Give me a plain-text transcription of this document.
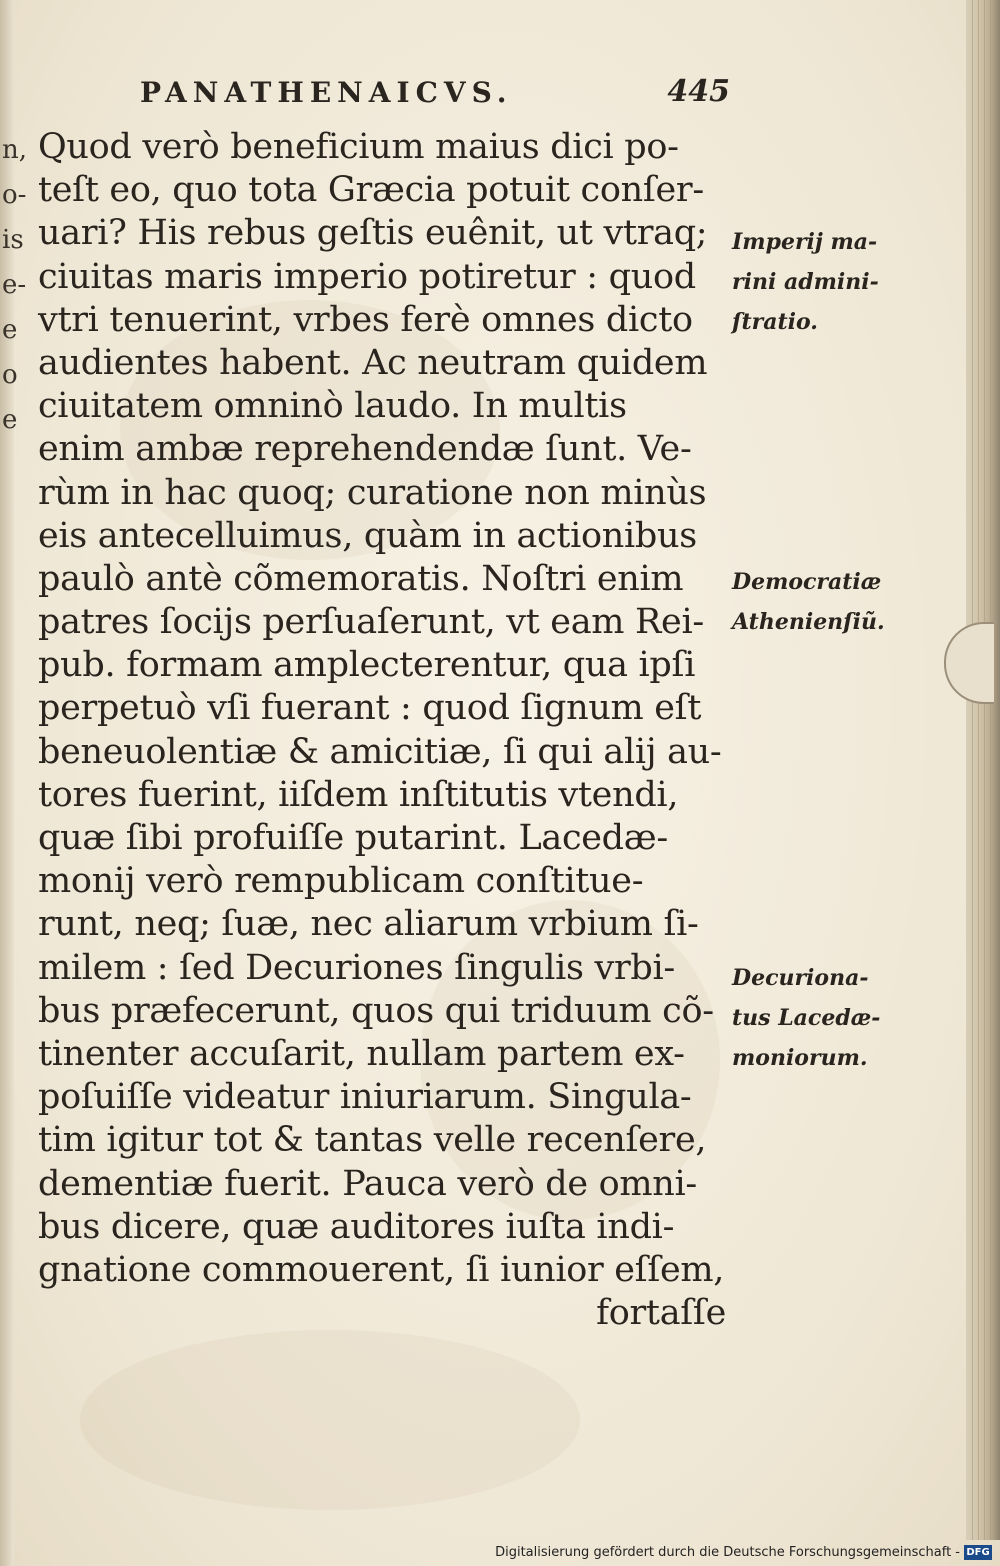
n,
o-
is
e-
e
o
e
PANATHENAICVS.	445
Quod verò beneficium maius dici po-
teſt eo, quo tota Græcia potuit conſer-
uari? His rebus geſtis euênit, ut vtraq;
ciuitas maris imperio potiretur : quod
vtri tenuerint, vrbes ferè omnes dicto
audientes habent. Ac neutram quidem
ciuitatem omninò laudo. In multis
enim ambæ reprehendendæ ſunt. Ve-
rùm in hac quoq; curatione non minùs
eis antecelluimus, quàm in actionibus
paulò antè cõmemoratis. Noſtri enim
patres ſocijs perſuaſerunt, vt eam Rei-
pub. formam amplecterentur, qua ipſi
perpetuò vſi fuerant : quod ſignum eſt
beneuolentiæ & amicitiæ, ſi qui alij au-
tores fuerint, iiſdem inſtitutis vtendi,
quæ ſibi profuiſſe putarint. Lacedæ-
monij verò rempublicam conſtitue-
runt, neq; ſuæ, nec aliarum vrbium ſi-
milem : ſed Decuriones ſingulis vrbi-
bus præfecerunt, quos qui triduum cõ-
tinenter accuſarit, nullam partem ex-
poſuiſſe videatur iniuriarum. Singula-
tim igitur tot & tantas velle recenſere,
dementiæ fuerit. Pauca verò de omni-
bus dicere, quæ auditores iuſta indi-
gnatione commouerent, ſi iunior eſſem,
fortaſſe
Imperij ma-
rini admini-
ſtratio.
Democratiæ
Athenienſiũ.
Decuriona-
tus Lacedæ-
moniorum.
Digitalisierung gefördert durch die Deutsche Forschungsgemeinschaft - DFG
